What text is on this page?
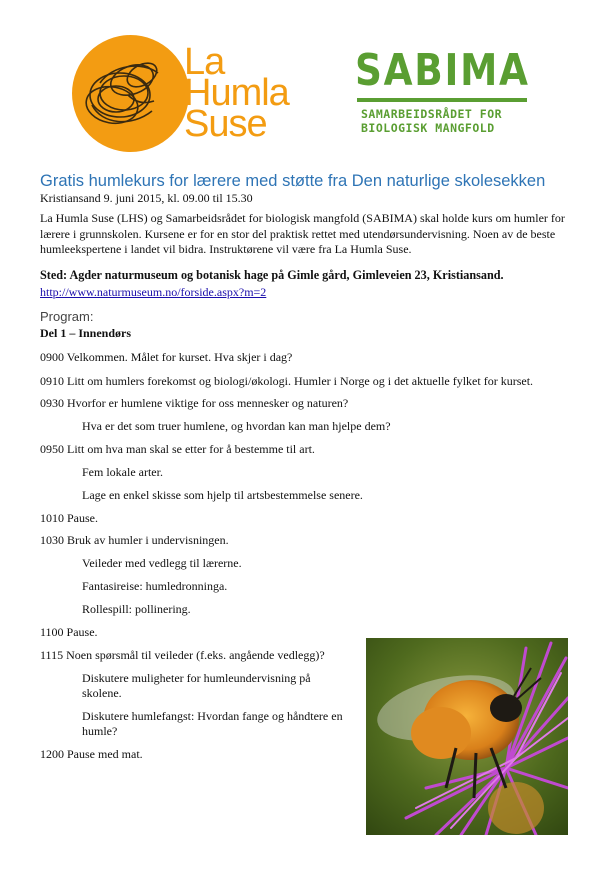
La
Humla
Suse
SABIMA
SAMARBEIDSRÅDET FOR
BIOLOGISK MANGFOLD
Gratis humlekurs for lærere med støtte fra Den naturlige skolesekken
Kristiansand 9. juni 2015, kl. 09.00 til 15.30
La Humla Suse (LHS) og Samarbeidsrådet for biologisk mangfold (SABIMA) skal holde kurs om humler for lærere i grunnskolen. Kursene er for en stor del praktisk rettet med utendørsundervisning. Noen av de beste humleekspertene i landet vil bidra. Instruktørene vil være fra La Humla Suse.
Sted: Agder naturmuseum og botanisk hage på Gimle gård, Gimleveien 23, Kristiansand.
http://www.naturmuseum.no/forside.aspx?m=2
Program:
Del 1 – Innendørs
0900 Velkommen. Målet for kurset. Hva skjer i dag?
0910 Litt om humlers forekomst og biologi/økologi. Humler i Norge og i det aktuelle fylket for kurset.
0930 Hvorfor er humlene viktige for oss mennesker og naturen?
Hva er det som truer humlene, og hvordan kan man hjelpe dem?
0950 Litt om hva man skal se etter for å bestemme til art.
Fem lokale arter.
Lage en enkel skisse som hjelp til artsbestemmelse senere.
1010 Pause.
1030 Bruk av humler i undervisningen.
Veileder med vedlegg til lærerne.
Fantasireise: humledronninga.
Rollespill: pollinering.
1100 Pause.
1115 Noen spørsmål til veileder (f.eks. angående vedlegg)?
Diskutere muligheter for humleundervisning på skolene.
Diskutere humlefangst: Hvordan fange og håndtere en humle?
1200 Pause med mat.
